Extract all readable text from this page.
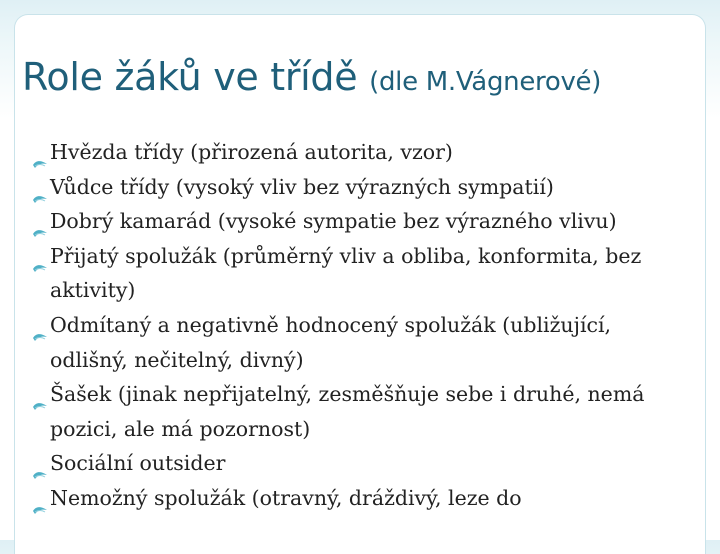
Role žáků ve třídě (dle M.Vágnerové)
Hvězda třídy (přirozená autorita, vzor)
Vůdce třídy (vysoký vliv bez výrazných sympatií)
Dobrý kamarád (vysoké sympatie bez výrazného vlivu)
Přijatý spolužák (průměrný vliv a obliba, konformita, bez aktivity)
Odmítaný a negativně hodnocený spolužák (ubližující, odlišný, nečitelný, divný)
Šašek (jinak nepřijatelný, zesměšňuje sebe i druhé, nemá pozici, ale má pozornost)
Sociální outsider
Nemožný spolužák (otravný, dráždivý, leze do
